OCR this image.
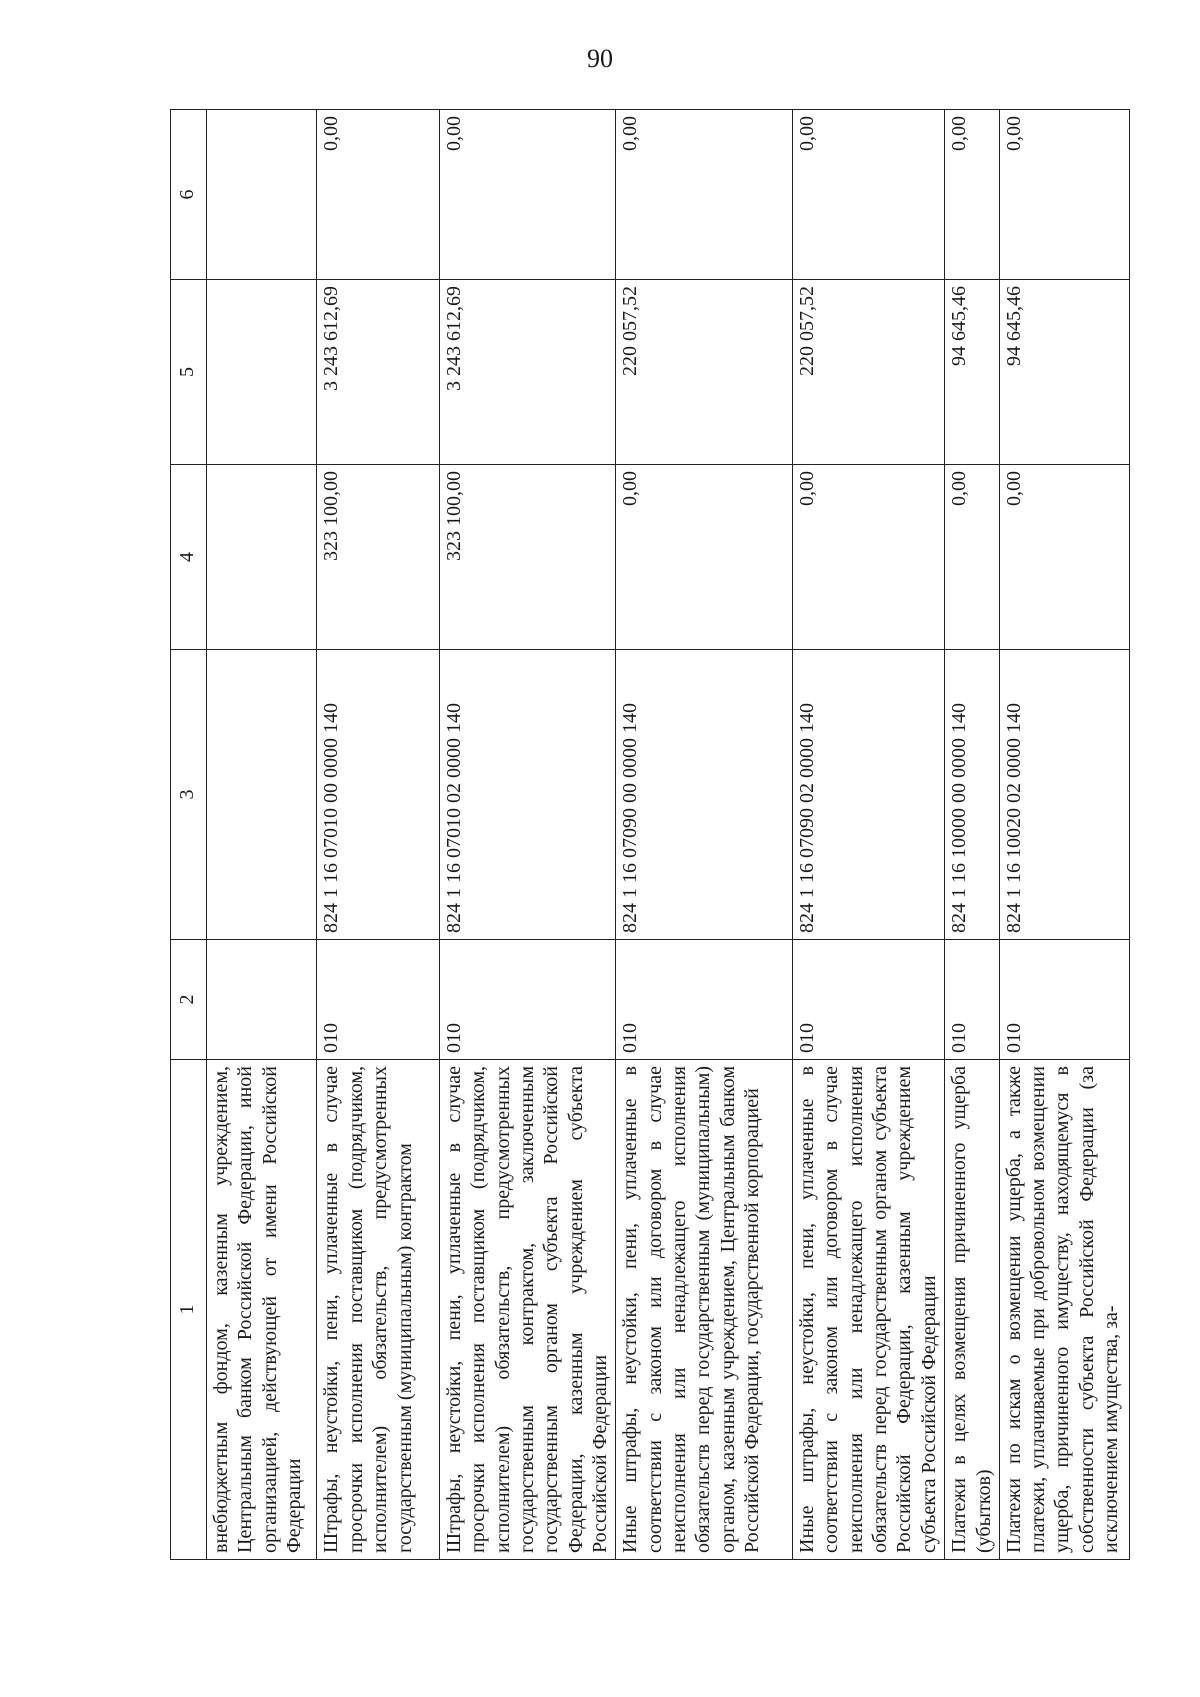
90
1	2	3	4	5	6
внебюджетным фондом, казенным учреждением, Центральным банком Российской Федерации, иной организацией, действующей от имени Российской Федерации					
Штрафы, неустойки, пени, уплаченные в случае просрочки исполнения поставщиком (подрядчиком, исполнителем) обязательств, предусмотренных государственным (муниципальным) контрактом	010	824 1 16 07010 00 0000 140	323 100,00	3 243 612,69	0,00
Штрафы, неустойки, пени, уплаченные в случае просрочки исполнения поставщиком (подрядчиком, исполнителем) обязательств, предусмотренных государственным контрактом, заключенным государственным органом субъекта Российской Федерации, казенным учреждением субъекта Российской Федерации	010	824 1 16 07010 02 0000 140	323 100,00	3 243 612,69	0,00
Иные штрафы, неустойки, пени, уплаченные в соответствии с законом или договором в случае неисполнения или ненадлежащего исполнения обязательств перед государственным (муниципальным) органом, казенным учреждением, Центральным банком Российской Федерации, государственной корпорацией	010	824 1 16 07090 00 0000 140	0,00	220 057,52	0,00
Иные штрафы, неустойки, пени, уплаченные в соответствии с законом или договором в случае неисполнения или ненадлежащего исполнения обязательств перед государственным органом субъекта Российской Федерации, казенным учреждением субъекта Российской Федерации	010	824 1 16 07090 02 0000 140	0,00	220 057,52	0,00
Платежи в целях возмещения причиненного ущерба (убытков)	010	824 1 16 10000 00 0000 140	0,00	94 645,46	0,00
Платежи по искам о возмещении ущерба, а также платежи, уплачиваемые при добровольном возмещении ущерба, причиненного имуществу, находящемуся в собственности субъекта Российской Федерации (за исключением имущества, за-	010	824 1 16 10020 02 0000 140	0,00	94 645,46	0,00
